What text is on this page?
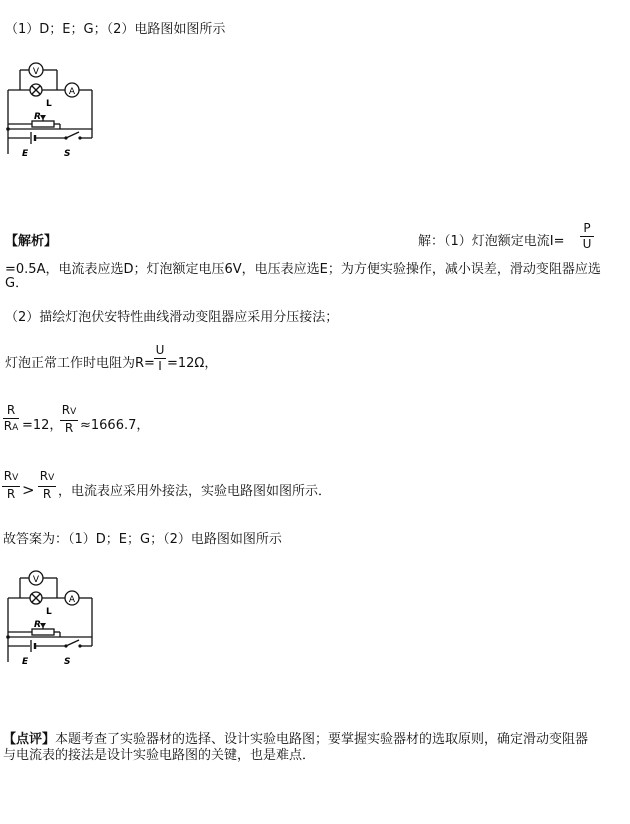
（1）D；E；G；（2）电路图如图所示
V
A
L
R
E	S
【解析】	解：（1）灯泡额定电流I=
P
U
=0.5A，电流表应选D；灯泡额定电压6V，电压表应选E；为方便实验操作，减小误差，滑动变阻器应选
G．
（2）描绘灯泡伏安特性曲线滑动变阻器应采用分压接法；
灯泡正常工作时电阻为R=
U
I =12Ω，
R
RA =12，
RV
R ≈1666.7，
RV
R >
RV
R ，电流表应采用外接法，实验电路图如图所示．
故答案为：（1）D；E；G；（2）电路图如图所示
V
A
L
R
E	S
【点评】本题考查了实验器材的选择、设计实验电路图；要掌握实验器材的选取原则，确定滑动变阻器
与电流表的接法是设计实验电路图的关键，也是难点．
